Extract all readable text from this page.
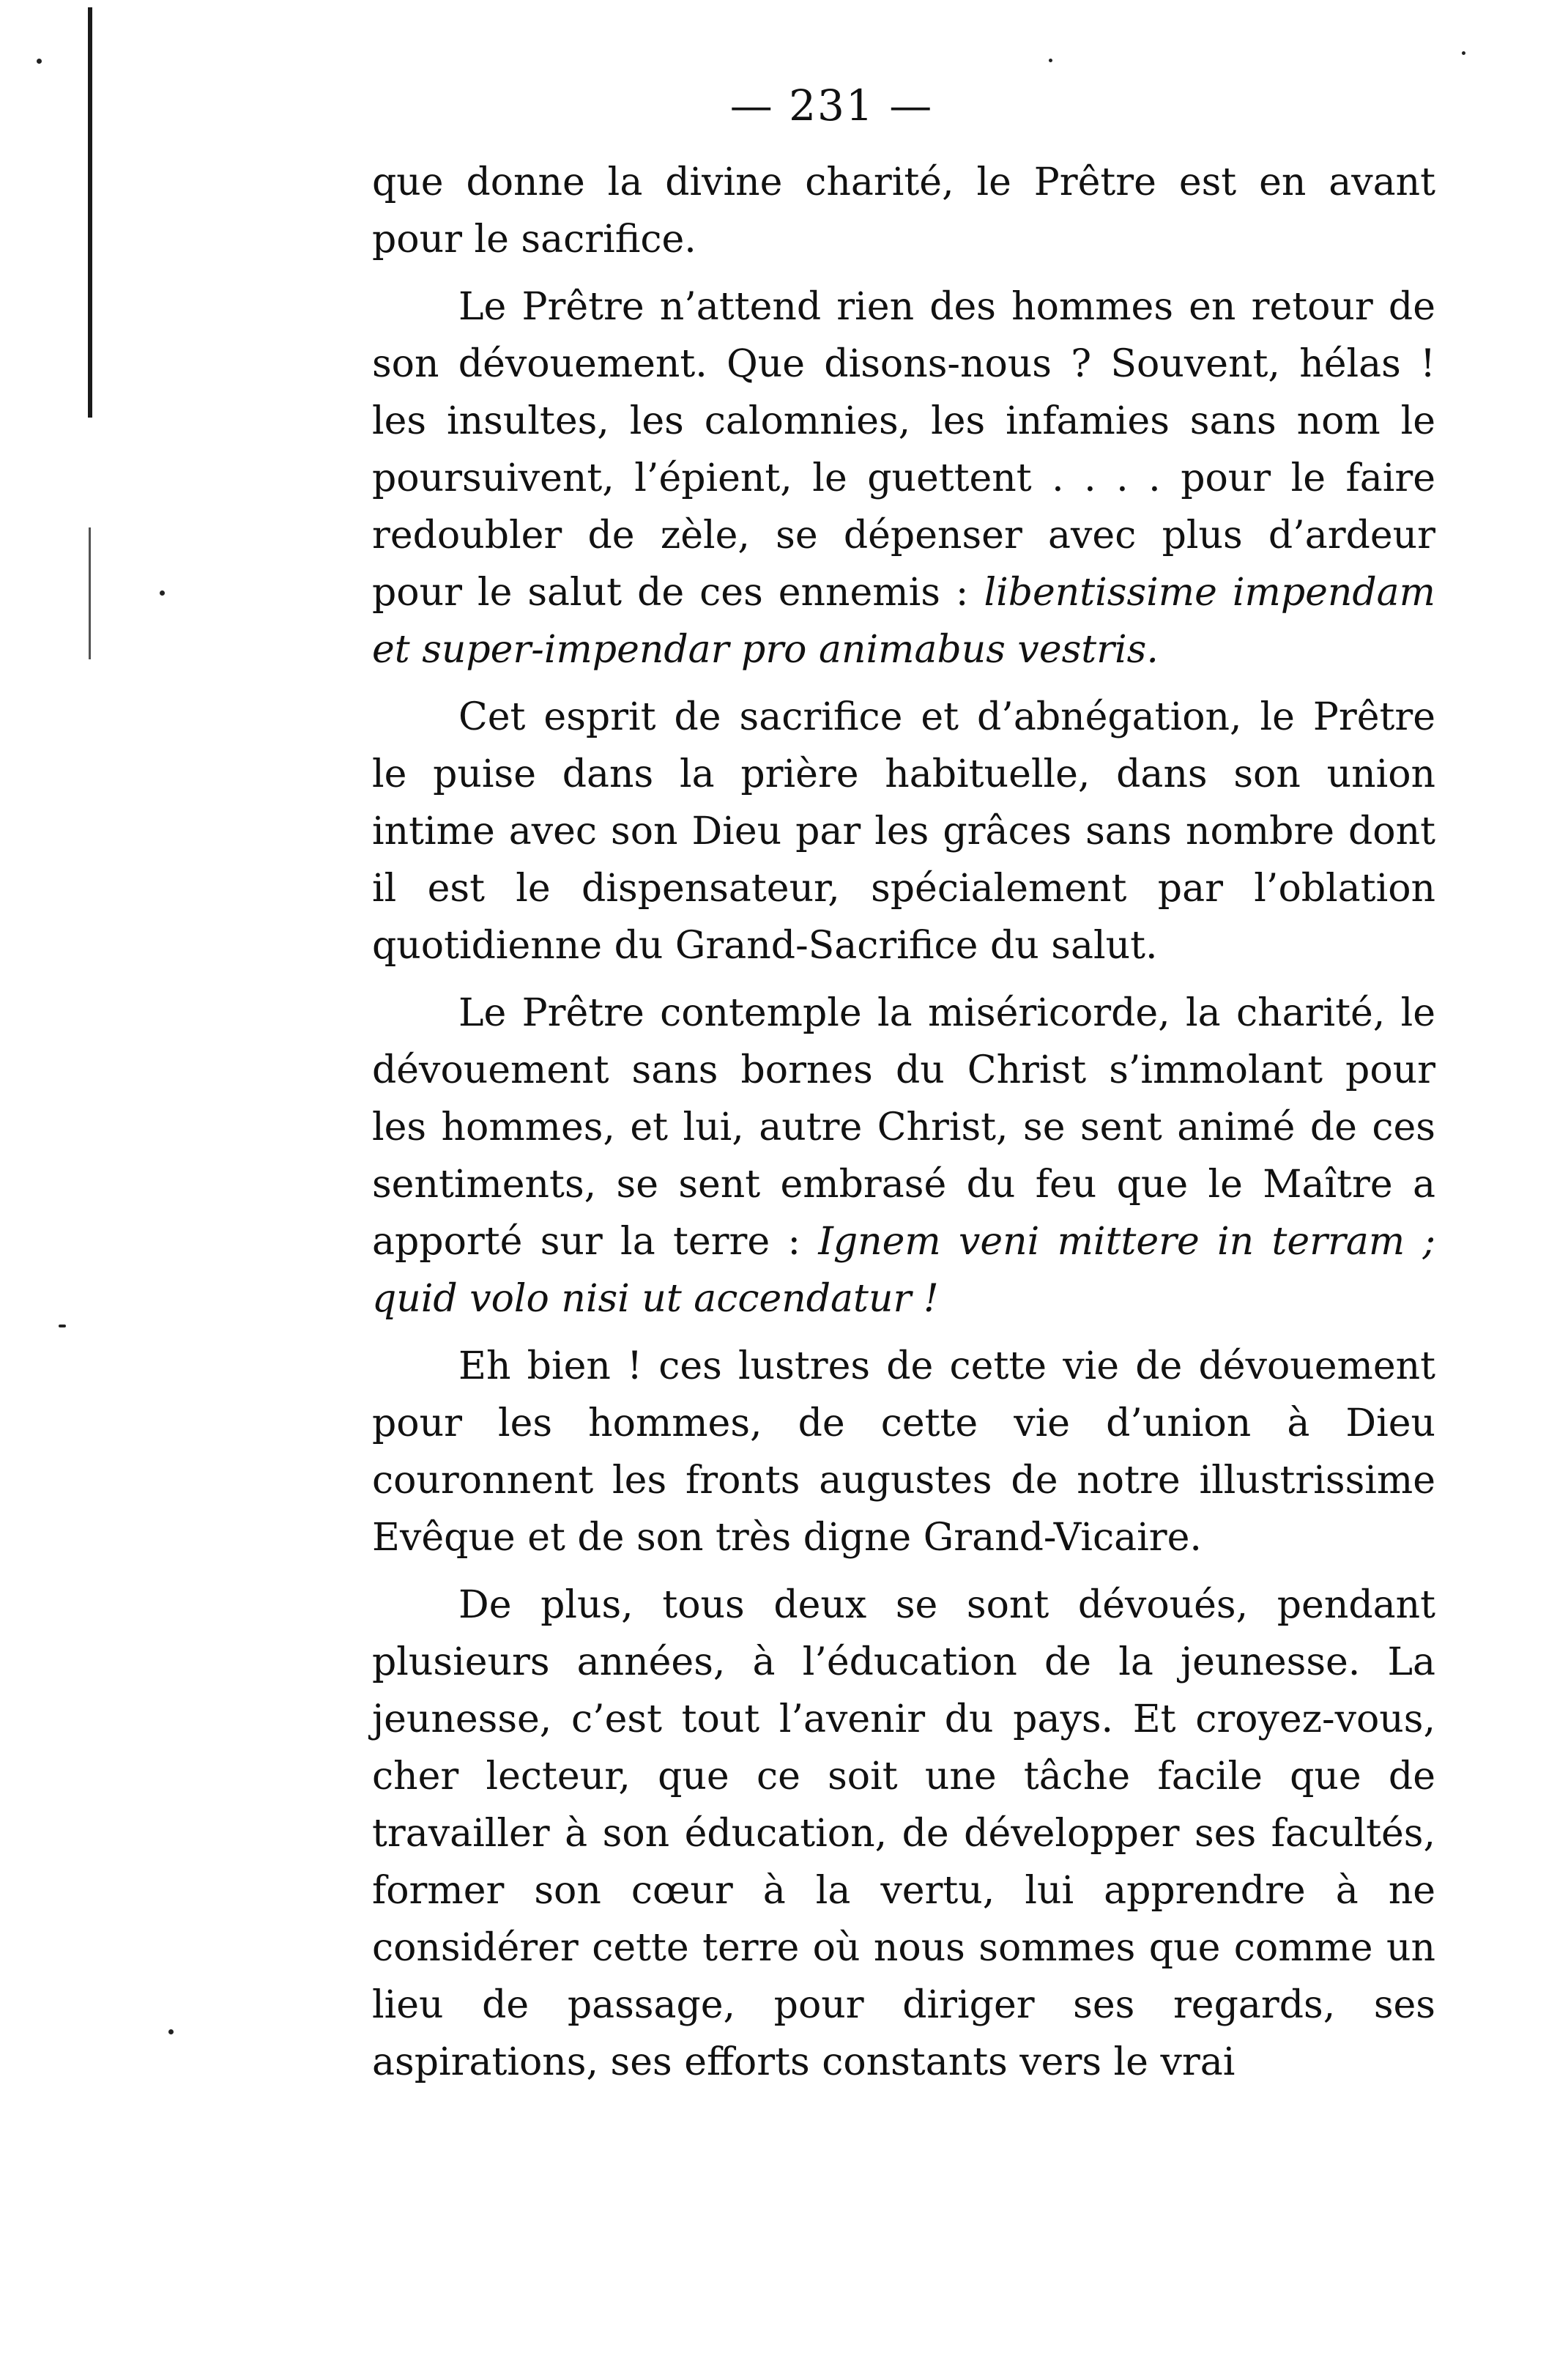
— 231 —

que donne la divine charité, le Prêtre est en avant pour le sacrifice.

Le Prêtre n’attend rien des hommes en retour de son dévouement. Que disons-nous ? Souvent, hélas ! les insultes, les calomnies, les infamies sans nom le poursuivent, l’épient, le guettent . . . . pour le faire redoubler de zèle, se dépenser avec plus d’ardeur pour le salut de ces ennemis : libentissime impendam et super-impendar pro animabus vestris.

Cet esprit de sacrifice et d’abnégation, le Prêtre le puise dans la prière habituelle, dans son union intime avec son Dieu par les grâces sans nombre dont il est le dispensateur, spécialement par l’oblation quotidienne du Grand-Sacrifice du salut.

Le Prêtre contemple la miséricorde, la charité, le dévouement sans bornes du Christ s’immolant pour les hommes, et lui, autre Christ, se sent animé de ces sentiments, se sent embrasé du feu que le Maître a apporté sur la terre : Ignem veni mittere in terram ; quid volo nisi ut accendatur !

Eh bien ! ces lustres de cette vie de dévouement pour les hommes, de cette vie d’union à Dieu couronnent les fronts augustes de notre illustrissime Evêque et de son très digne Grand-Vicaire.

De plus, tous deux se sont dévoués, pendant plusieurs années, à l’éducation de la jeunesse. La jeunesse, c’est tout l’avenir du pays. Et croyez-vous, cher lecteur, que ce soit une tâche facile que de travailler à son éducation, de développer ses facultés, former son cœur à la vertu, lui apprendre à ne considérer cette terre où nous sommes que comme un lieu de passage, pour diriger ses regards, ses aspirations, ses efforts constants vers le vrai
